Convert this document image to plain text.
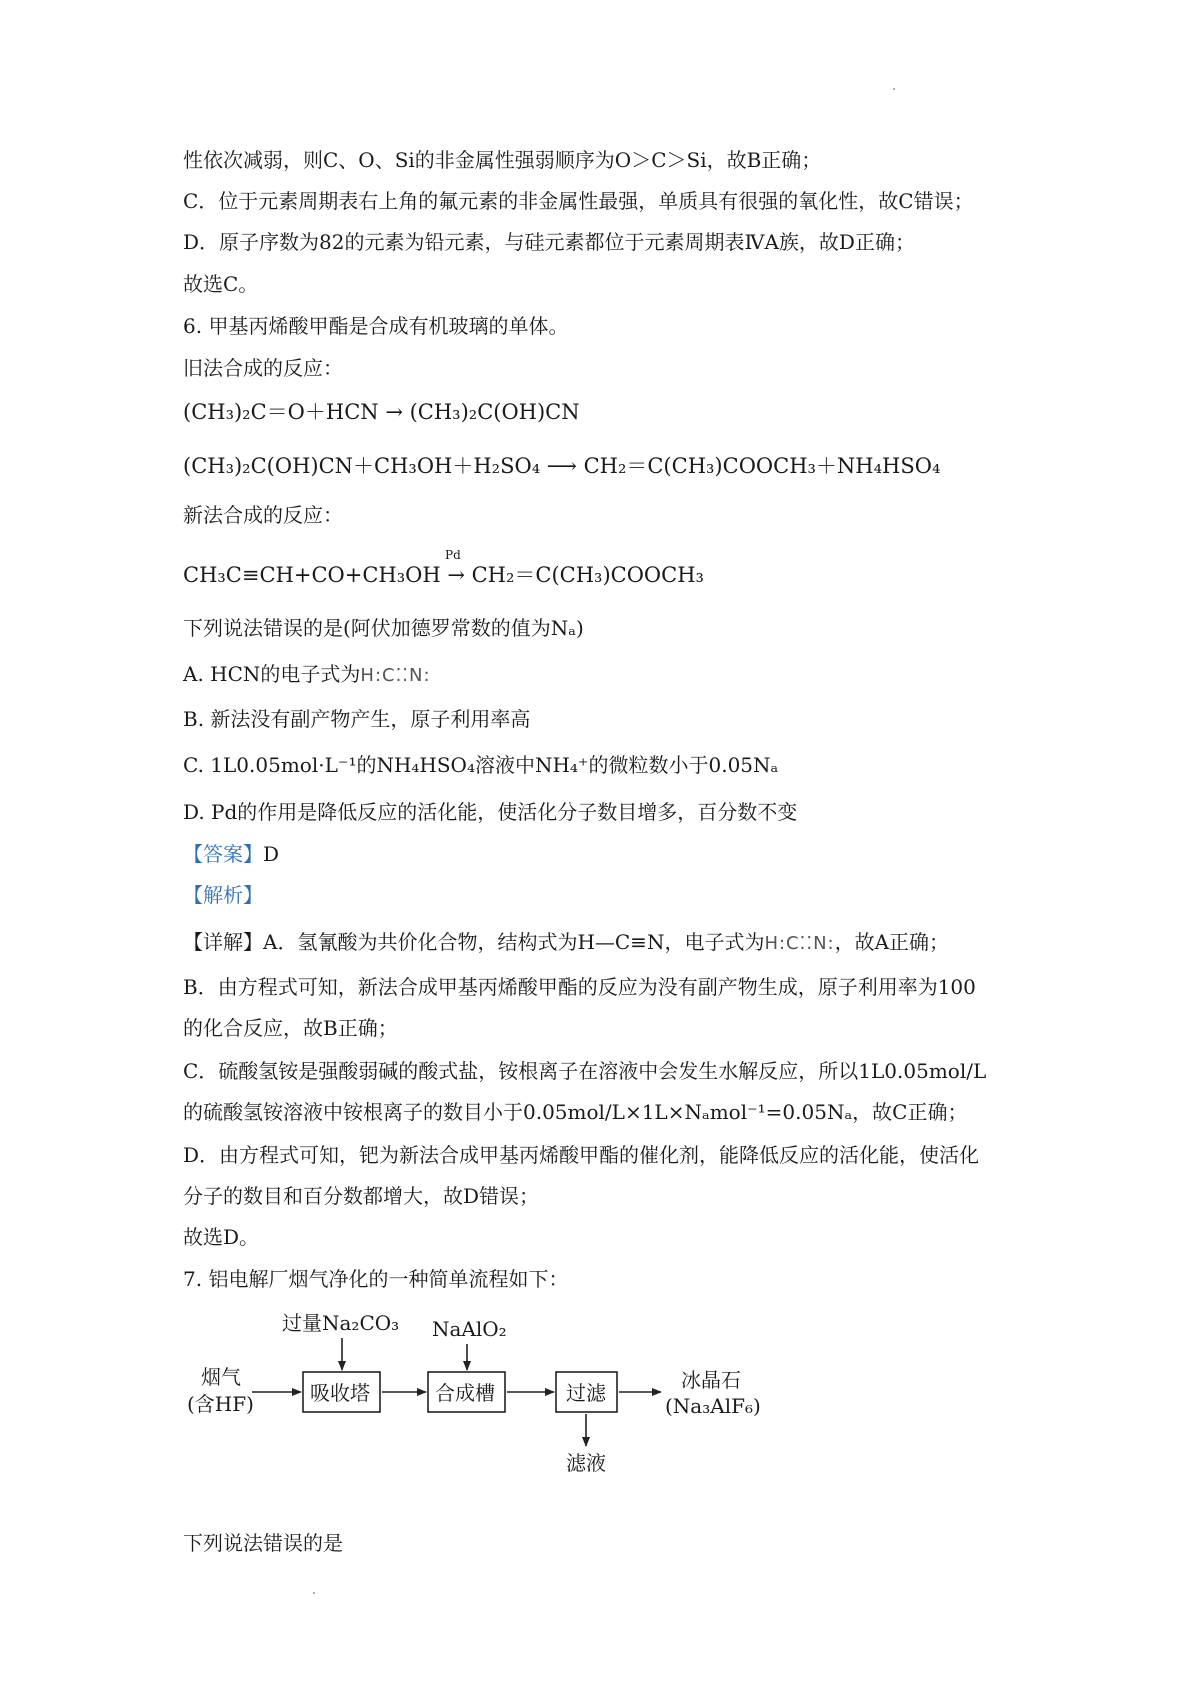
性依次减弱，则C、O、Si的非金属性强弱顺序为O＞C＞Si，故B正确；
C．位于元素周期表右上角的氟元素的非金属性最强，单质具有很强的氧化性，故C错误；
D．原子序数为82的元素为铅元素，与硅元素都位于元素周期表ⅣA族，故D正确；
故选C。
6. 甲基丙烯酸甲酯是合成有机玻璃的单体。
旧法合成的反应：
(CH₃)₂C＝O＋HCN → (CH₃)₂C(OH)CN
(CH₃)₂C(OH)CN＋CH₃OH＋H₂SO₄ ⟶ CH₂＝C(CH₃)COOCH₃＋NH₄HSO₄
新法合成的反应：
Pd
CH₃C≡CH+CO+CH₃OH → CH₂＝C(CH₃)COOCH₃
下列说法错误的是(阿伏加德罗常数的值为Nₐ)
A. HCN的电子式为H:C⁚⁚N:
B. 新法没有副产物产生，原子利用率高
C. 1L0.05mol·L⁻¹的NH₄HSO₄溶液中NH₄⁺的微粒数小于0.05Nₐ
D. Pd的作用是降低反应的活化能，使活化分子数目增多，百分数不变
【答案】D
【解析】
【详解】A．氢氰酸为共价化合物，结构式为H—C≡N，电子式为H:C⁚⁚N:，故A正确；
B．由方程式可知，新法合成甲基丙烯酸甲酯的反应为没有副产物生成，原子利用率为100
的化合反应，故B正确；
C．硫酸氢铵是强酸弱碱的酸式盐，铵根离子在溶液中会发生水解反应，所以1L0.05mol/L
的硫酸氢铵溶液中铵根离子的数目小于0.05mol/L×1L×Nₐmol⁻¹=0.05Nₐ，故C正确；
D．由方程式可知，钯为新法合成甲基丙烯酸甲酯的催化剂，能降低反应的活化能，使活化
分子的数目和百分数都增大，故D错误；
故选D。
7. 铝电解厂烟气净化的一种简单流程如下：
烟气
(含HF)
过量Na₂CO₃ NaAlO₂
吸收塔	合成槽	过滤
滤液
冰晶石
(Na₃AlF₆)
下列说法错误的是
